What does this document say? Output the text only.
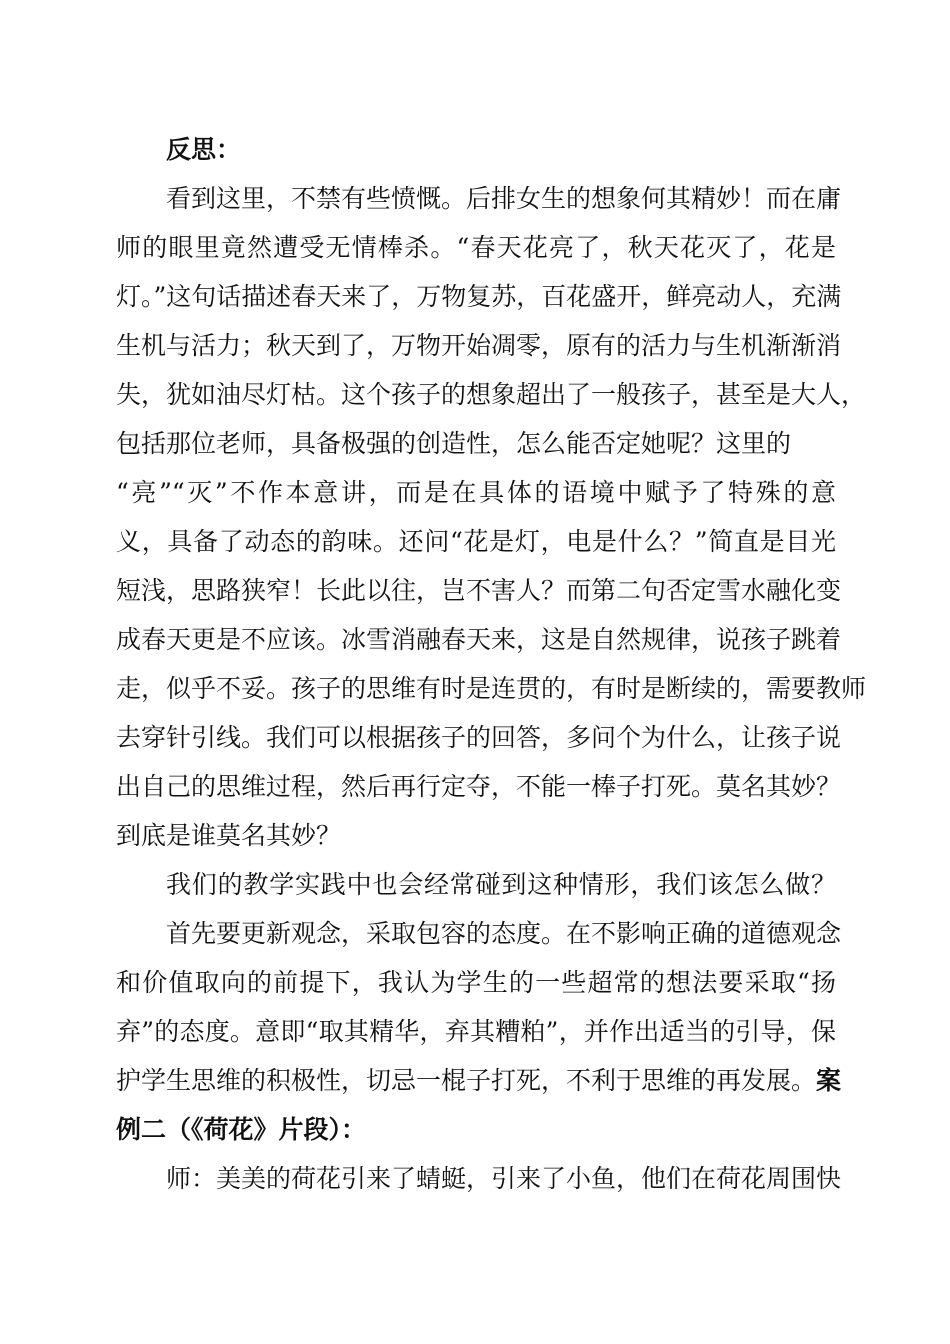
反思：
看到这里，不禁有些愤慨。后排女生的想象何其精妙！而在庸
师的眼里竟然遭受无情棒杀。“春天花亮了，秋天花灭了，花是
灯。”这句话描述春天来了，万物复苏，百花盛开，鲜亮动人，充满
生机与活力；秋天到了，万物开始凋零，原有的活力与生机渐渐消
失，犹如油尽灯枯。这个孩子的想象超出了一般孩子，甚至是大人，
包括那位老师，具备极强的创造性，怎么能否定她呢？这里的
“亮”“灭”不作本意讲，而是在具体的语境中赋予了特殊的意
义，具备了动态的韵味。还问“花是灯，电是什么？”简直是目光
短浅，思路狭窄！长此以往，岂不害人？而第二句否定雪水融化变
成春天更是不应该。冰雪消融春天来，这是自然规律，说孩子跳着
走，似乎不妥。孩子的思维有时是连贯的，有时是断续的，需要教师
去穿针引线。我们可以根据孩子的回答，多问个为什么，让孩子说
出自己的思维过程，然后再行定夺，不能一棒子打死。莫名其妙？
到底是谁莫名其妙？
我们的教学实践中也会经常碰到这种情形，我们该怎么做？
首先要更新观念，采取包容的态度。在不影响正确的道德观念
和价值取向的前提下，我认为学生的一些超常的想法要采取“扬
弃”的态度。意即“取其精华，弃其糟粕”，并作出适当的引导，保
护学生思维的积极性，切忌一棍子打死，不利于思维的再发展。案
例二（《荷花》片段）：
师：美美的荷花引来了蜻蜓，引来了小鱼，他们在荷花周围快
